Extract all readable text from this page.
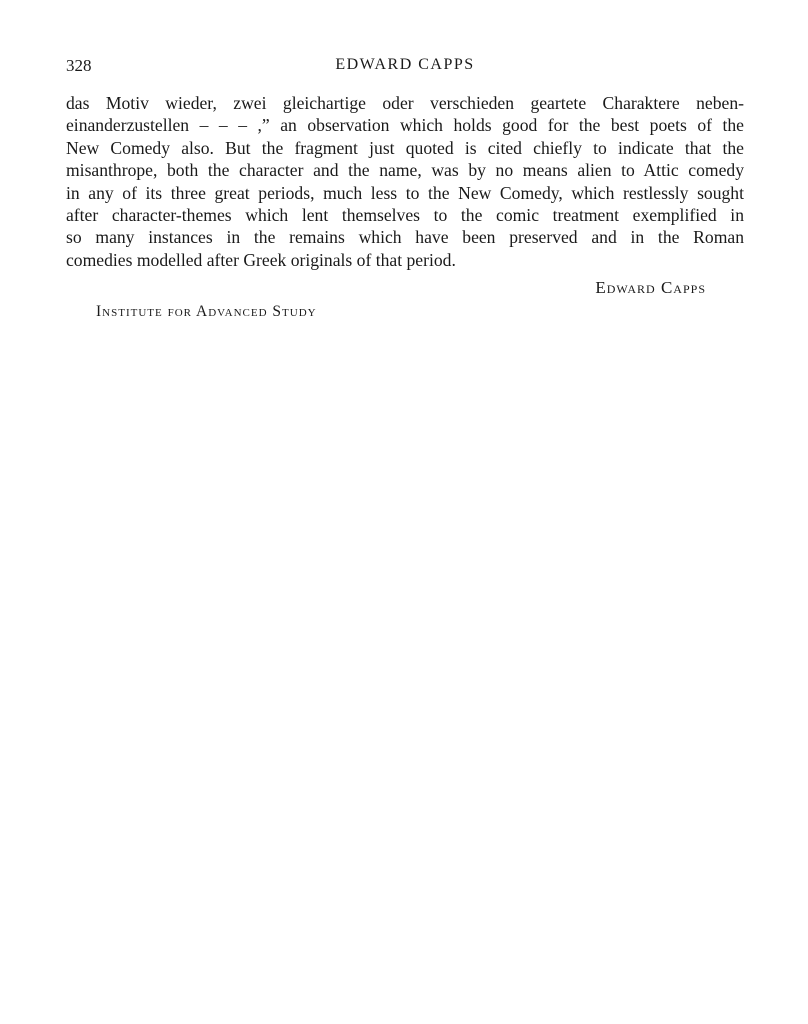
328	EDWARD CAPPS

das Motiv wieder, zwei gleichartige oder verschieden geartete Charaktere neben-
einanderzustellen – – – ,” an observation which holds good for the best poets of the
New Comedy also. But the fragment just quoted is cited chiefly to indicate that the
misanthrope, both the character and the name, was by no means alien to Attic comedy
in any of its three great periods, much less to the New Comedy, which restlessly sought
after character-themes which lent themselves to the comic treatment exemplified in
so many instances in the remains which have been preserved and in the Roman
comedies modelled after Greek originals of that period.

Edward Capps
Institute for Advanced Study
